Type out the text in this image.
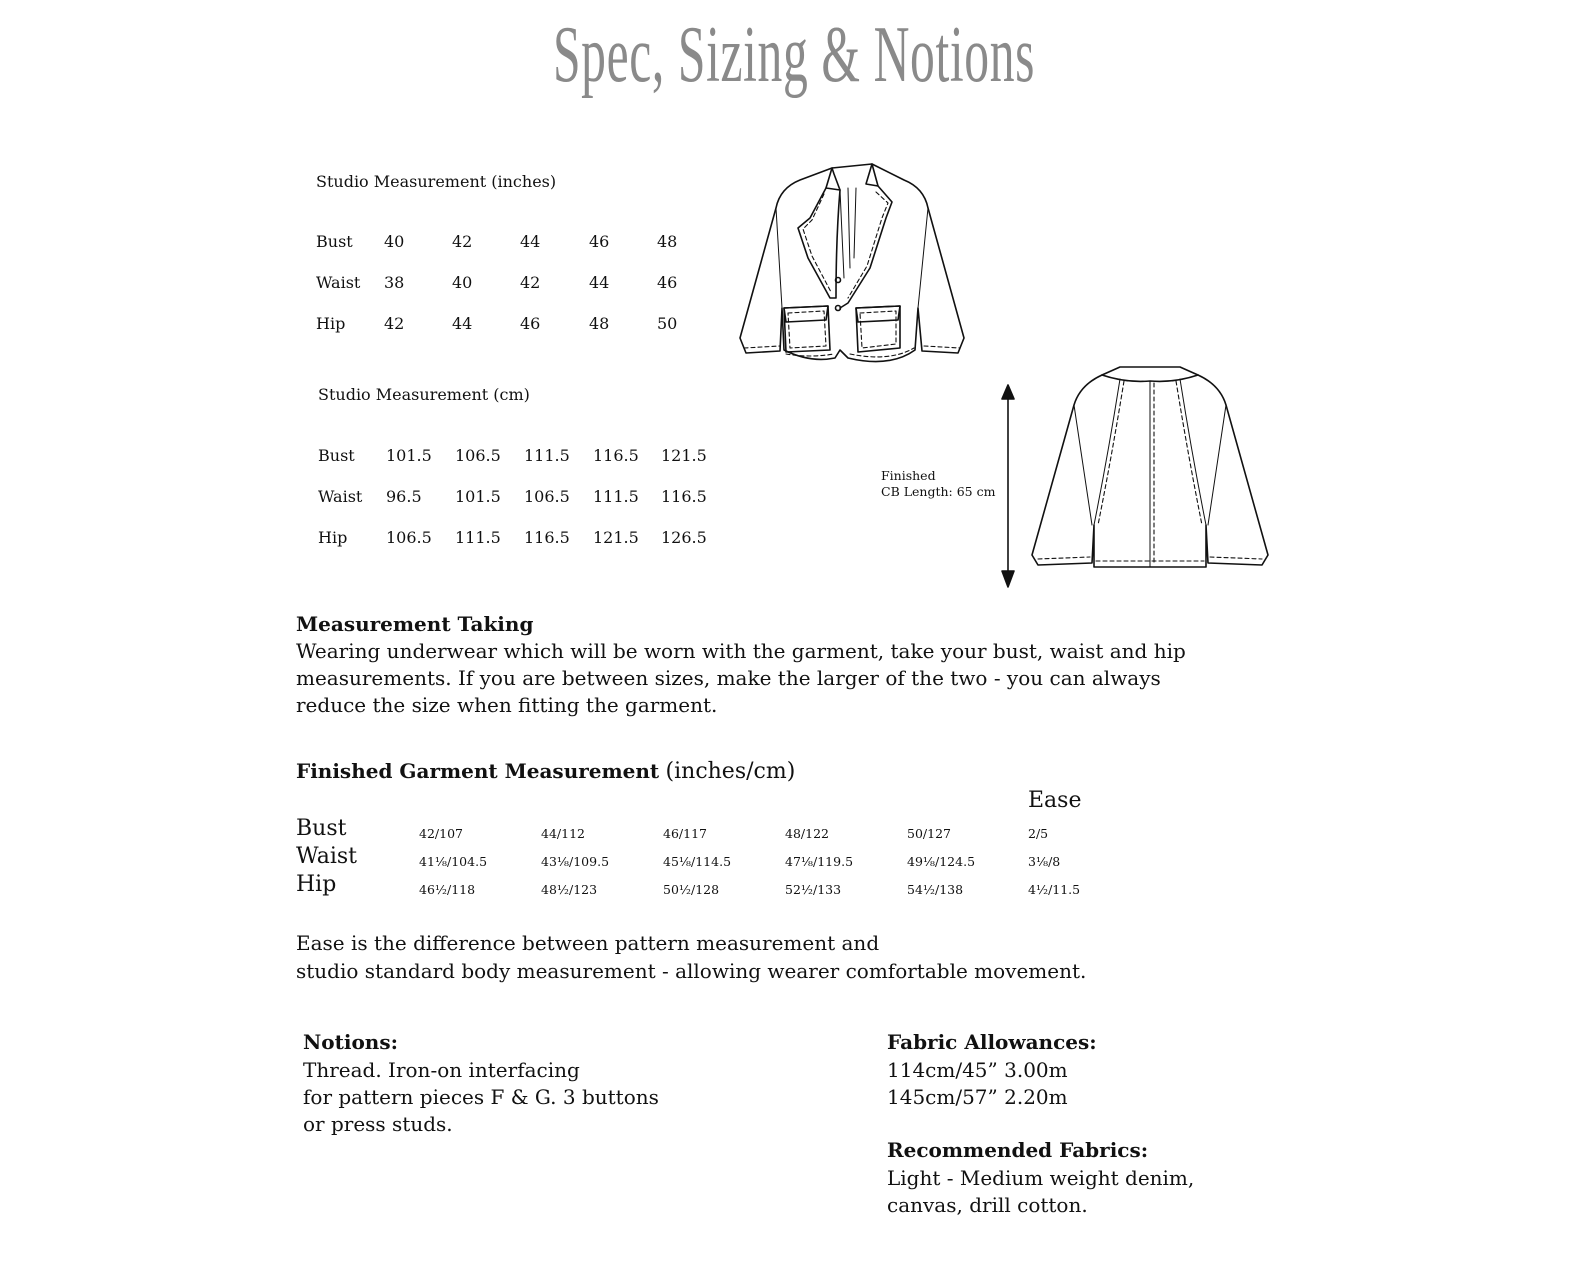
Spec, Sizing & Notions
Studio Measurement (inches)
Bust 40	42	44	46	48
Waist 38	40	42	44	46
Hip 42	44	46	48	50
Studio Measurement (cm)
Bust 101.5 106.5 111.5 116.5 121.5
Waist 96.5 101.5 106.5 111.5 116.5
Hip 106.5 111.5 116.5 121.5 126.5
Finished
CB Length: 65 cm
Measurement Taking
Wearing underwear which will be worn with the garment, take your bust, waist and hip measurements. If you are between sizes, make the larger of the two - you can always reduce the size when fitting the garment.
Finished Garment Measurement (inches/cm)
Ease
Bust	42/107	44/112	46/117	48/122	50/127	2/5
Waist	41⅛/104.5	43⅛/109.5	45⅛/114.5	47⅛/119.5	49⅛/124.5	3⅛/8
Hip	46½/118	48½/123	50½/128	52½/133	54½/138	4½/11.5
Ease is the difference between pattern measurement and
studio standard body measurement - allowing wearer comfortable movement.
Notions:
Thread. Iron-on interfacing
for pattern pieces F & G. 3 buttons
or press studs.
Fabric Allowances:
114cm/45” 3.00m
145cm/57” 2.20m
Recommended Fabrics:
Light - Medium weight denim,
canvas, drill cotton.
